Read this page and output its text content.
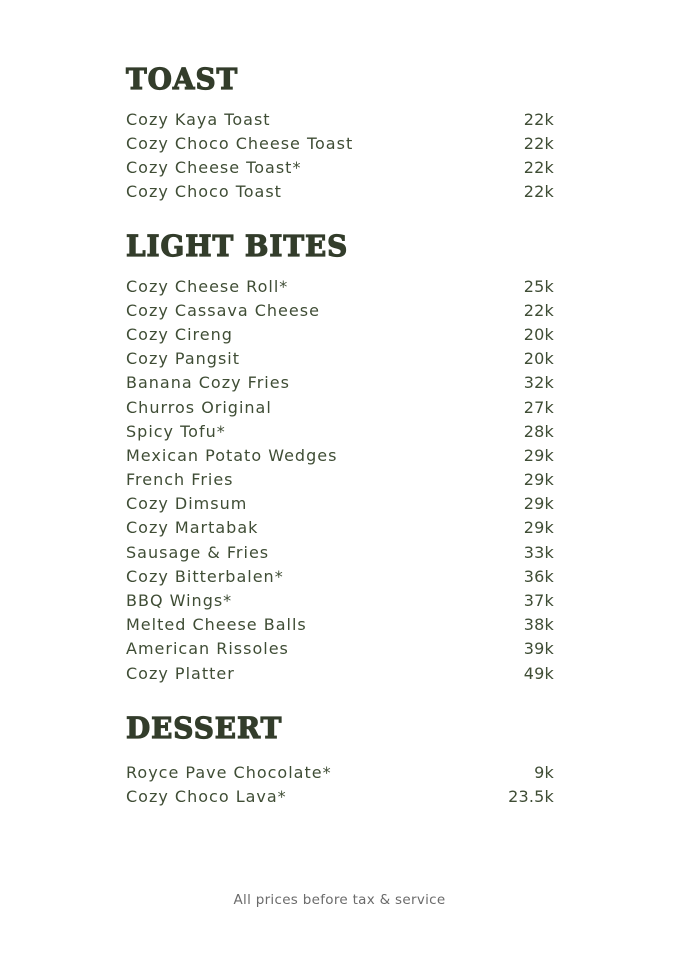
TOAST
Cozy Kaya Toast	22k
Cozy Choco Cheese Toast	22k
Cozy Cheese Toast*	22k
Cozy Choco Toast	22k
LIGHT BITES
Cozy Cheese Roll*	25k
Cozy Cassava Cheese	22k
Cozy Cireng	20k
Cozy Pangsit	20k
Banana Cozy Fries	32k
Churros Original	27k
Spicy Tofu*	28k
Mexican Potato Wedges	29k
French Fries	29k
Cozy Dimsum	29k
Cozy Martabak	29k
Sausage & Fries	33k
Cozy Bitterbalen*	36k
BBQ Wings*	37k
Melted Cheese Balls	38k
American Rissoles	39k
Cozy Platter	49k
DESSERT
Royce Pave Chocolate*	9k
Cozy Choco Lava*	23.5k

All prices before tax & service
